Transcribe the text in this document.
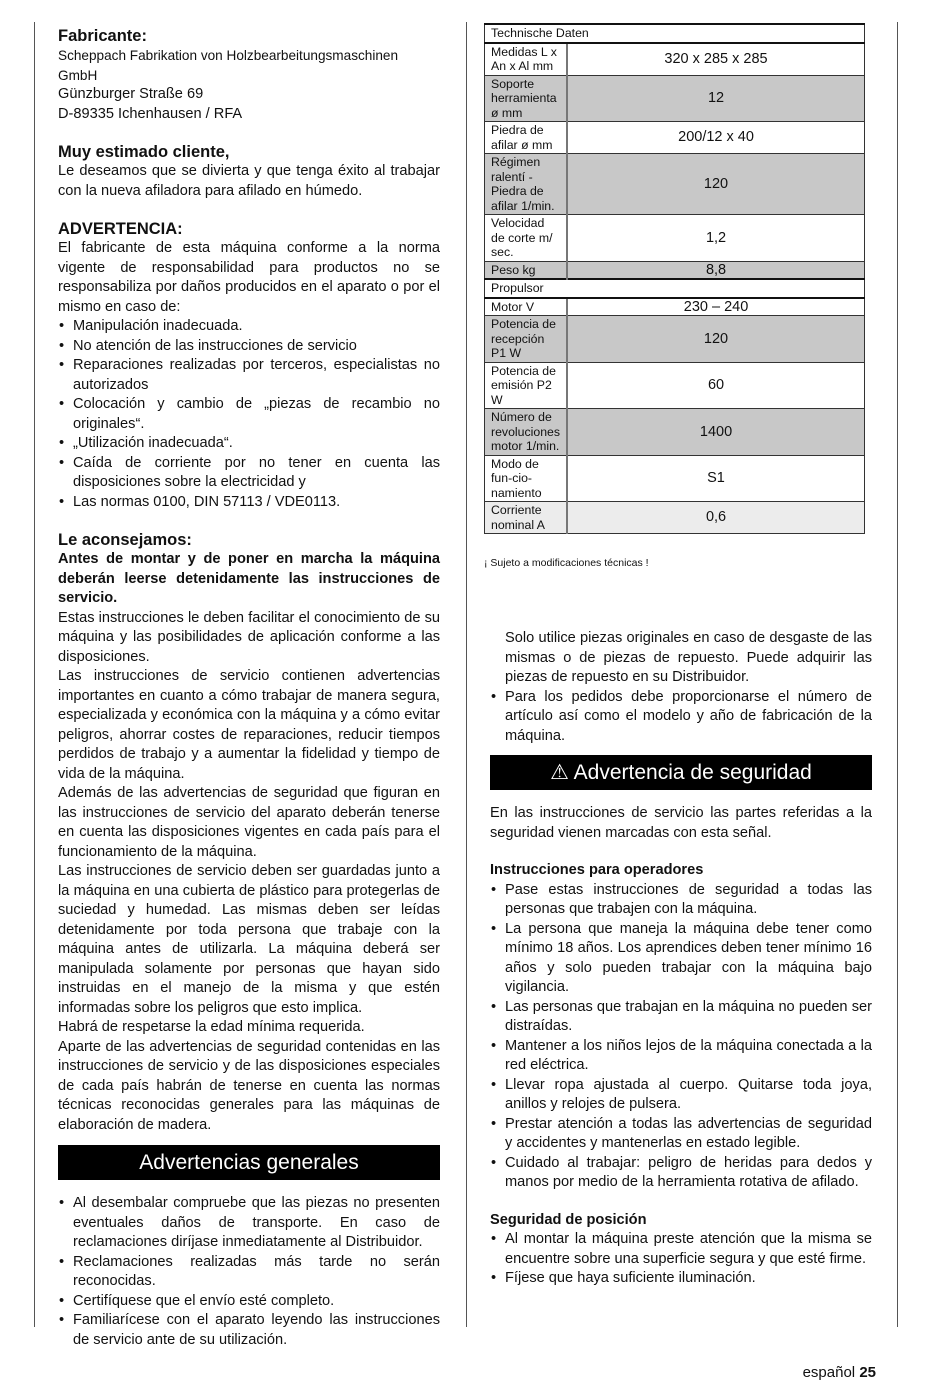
Fabricante:
Scheppach Fabrikation von Holzbearbeitungsmaschinen GmbH
Günzburger Straße 69
D-89335 Ichenhausen / RFA
Muy estimado cliente,

Le deseamos que se divierta y que tenga éxito al trabajar con la nueva afiladora para afilado en húmedo.

ADVERTENCIA:

El fabricante de esta máquina conforme a la norma vigente de responsabilidad para productos no se responsabiliza por daños producidos en el aparato o por el mismo en caso de:

• Manipulación inadecuada.
• No atención de las instrucciones de servicio
• Reparaciones realizadas por terceros, especialistas no autorizados
• Colocación y cambio de „piezas de recambio no originales“.
• „Utilización inadecuada“.
• Caída de corriente por no tener en cuenta las disposiciones sobre la electricidad y
• Las normas 0100, DIN 57113 / VDE0113.
Le aconsejamos:

Antes de montar y de poner en marcha la máquina deberán leerse detenidamente las instrucciones de servicio.

Estas instrucciones le deben facilitar el conocimiento de su máquina y las posibilidades de aplicación conforme a las disposiciones.

Las instrucciones de servicio contienen advertencias importantes en cuanto a cómo trabajar de manera segura, especializada y económica con la máquina y a cómo evitar peligros, ahorrar costes de reparaciones, reducir tiempos perdidos de trabajo y a aumentar la fidelidad y tiempo de vida de la máquina.

Además de las advertencias de seguridad que figuran en las instrucciones de servicio del aparato deberán tenerse en cuenta las disposiciones vigentes en cada país para el funcionamiento de la máquina.

Las instrucciones de servicio deben ser guardadas junto a la máquina en una cubierta de plástico para protegerlas de suciedad y humedad. Las mismas deben ser leídas detenidamente por toda persona que trabaje con la máquina antes de utilizarla. La máquina deberá ser manipulada solamente por personas que hayan sido instruidas en el manejo de la misma y que estén informadas sobre los peligros que esto implica.

Habrá de respetarse la edad mínima requerida.

Aparte de las advertencias de seguridad contenidas en las instrucciones de servicio y de las disposiciones especiales de cada país habrán de tenerse en cuenta las normas técnicas reconocidas generales para las máquinas de elaboración de madera.

Advertencias generales
• Al desembalar compruebe que las piezas no presenten eventuales daños de transporte. En caso de reclamaciones diríjase inmediatamente al Distribuidor.
• Reclamaciones realizadas más tarde no serán reconocidas.
• Certifíquese que el envío esté completo.
• Familiarícese con el aparato leyendo las instrucciones de servicio ante de su utilización.
Technische Daten	
Medidas L x An x Al mm	320 x 285 x 285
Soporte herramienta ø mm	12
Piedra de afilar ø mm	200/12 x 40
Régimen ralentí - Piedra de afilar 1/min.	120
Velocidad de corte m/ sec.	1,2
Peso kg	8,8
Propulsor	
Motor V	230 – 240
Potencia de recepción P1 W	120
Potencia de emisión P2 W	60
Número de revoluciones motor 1/min.	1400
Modo de fun-cio-namiento	S1
Corriente nominal A	0,6
¡ Sujeto a modificaciones técnicas !

Solo utilice piezas originales en caso de desgaste de las mismas o de piezas de repuesto. Puede adquirir las piezas de repuesto en su Distribuidor.

• Para los pedidos debe proporcionarse el número de artículo así como el modelo y año de fabricación de la máquina.
⚠ Advertencia de seguridad

En las instrucciones de servicio las partes referidas a la seguridad vienen marcadas con esta señal.

Instrucciones para operadores
• Pase estas instrucciones de seguridad a todas las personas que trabajen con la máquina.
• La persona que maneja la máquina debe tener como mínimo 18 años. Los aprendices deben tener mínimo 16 años y solo pueden trabajar con la máquina bajo vigilancia.
• Las personas que trabajan en la máquina no pueden ser distraídas.
• Mantener a los niños lejos de la máquina conectada a la red eléctrica.
• Llevar ropa ajustada al cuerpo. Quitarse toda joya, anillos y relojes de pulsera.
• Prestar atención a todas las advertencias de seguridad y accidentes y mantenerlas en estado legible.
• Cuidado al trabajar: peligro de heridas para dedos y manos por medio de la herramienta rotativa de afilado.
Seguridad de posición
• Al montar la máquina preste atención que la misma se encuentre sobre una superficie segura y que esté firme.
• Fíjese que haya suficiente iluminación.
español 25
